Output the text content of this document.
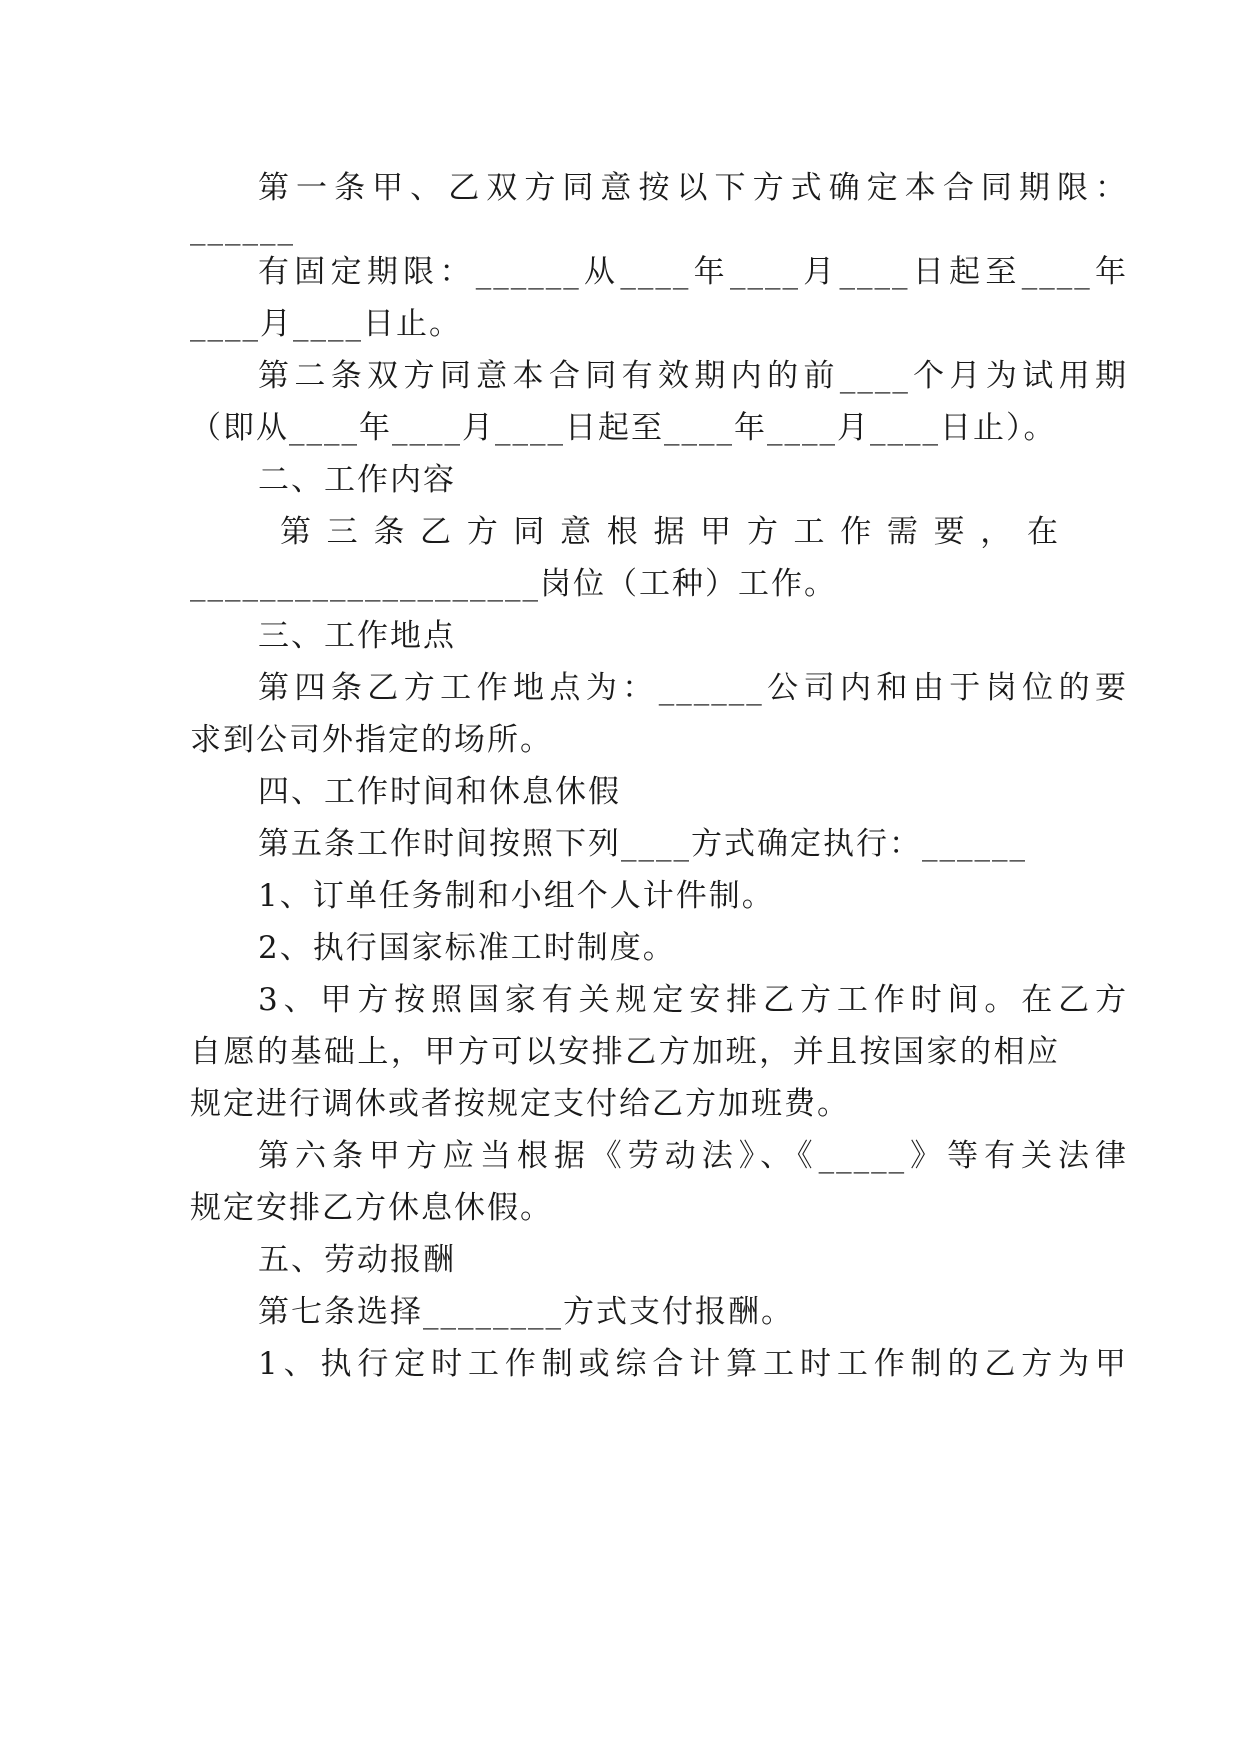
第一条甲、乙双方同意按以下方式确定本合同期限：
______
有固定期限：______从____年____月____日起至____年
____月____日止。
第二条双方同意本合同有效期内的前____个月为试用期
（即从____年____月____日起至____年____月____日止）。
二、工作内容
第三条乙方同意根据甲方工作需要，在
____________________岗位（工种）工作。
三、工作地点
第四条乙方工作地点为：______公司内和由于岗位的要
求到公司外指定的场所。
四、工作时间和休息休假
第五条工作时间按照下列____方式确定执行：______
1、订单任务制和小组个人计件制。
2、执行国家标准工时制度。
3、甲方按照国家有关规定安排乙方工作时间。在乙方
自愿的基础上，甲方可以安排乙方加班，并且按国家的相应
规定进行调休或者按规定支付给乙方加班费。
第六条甲方应当根据《劳动法》、《_____》等有关法律
规定安排乙方休息休假。
五、劳动报酬
第七条选择________方式支付报酬。
1、执行定时工作制或综合计算工时工作制的乙方为甲
